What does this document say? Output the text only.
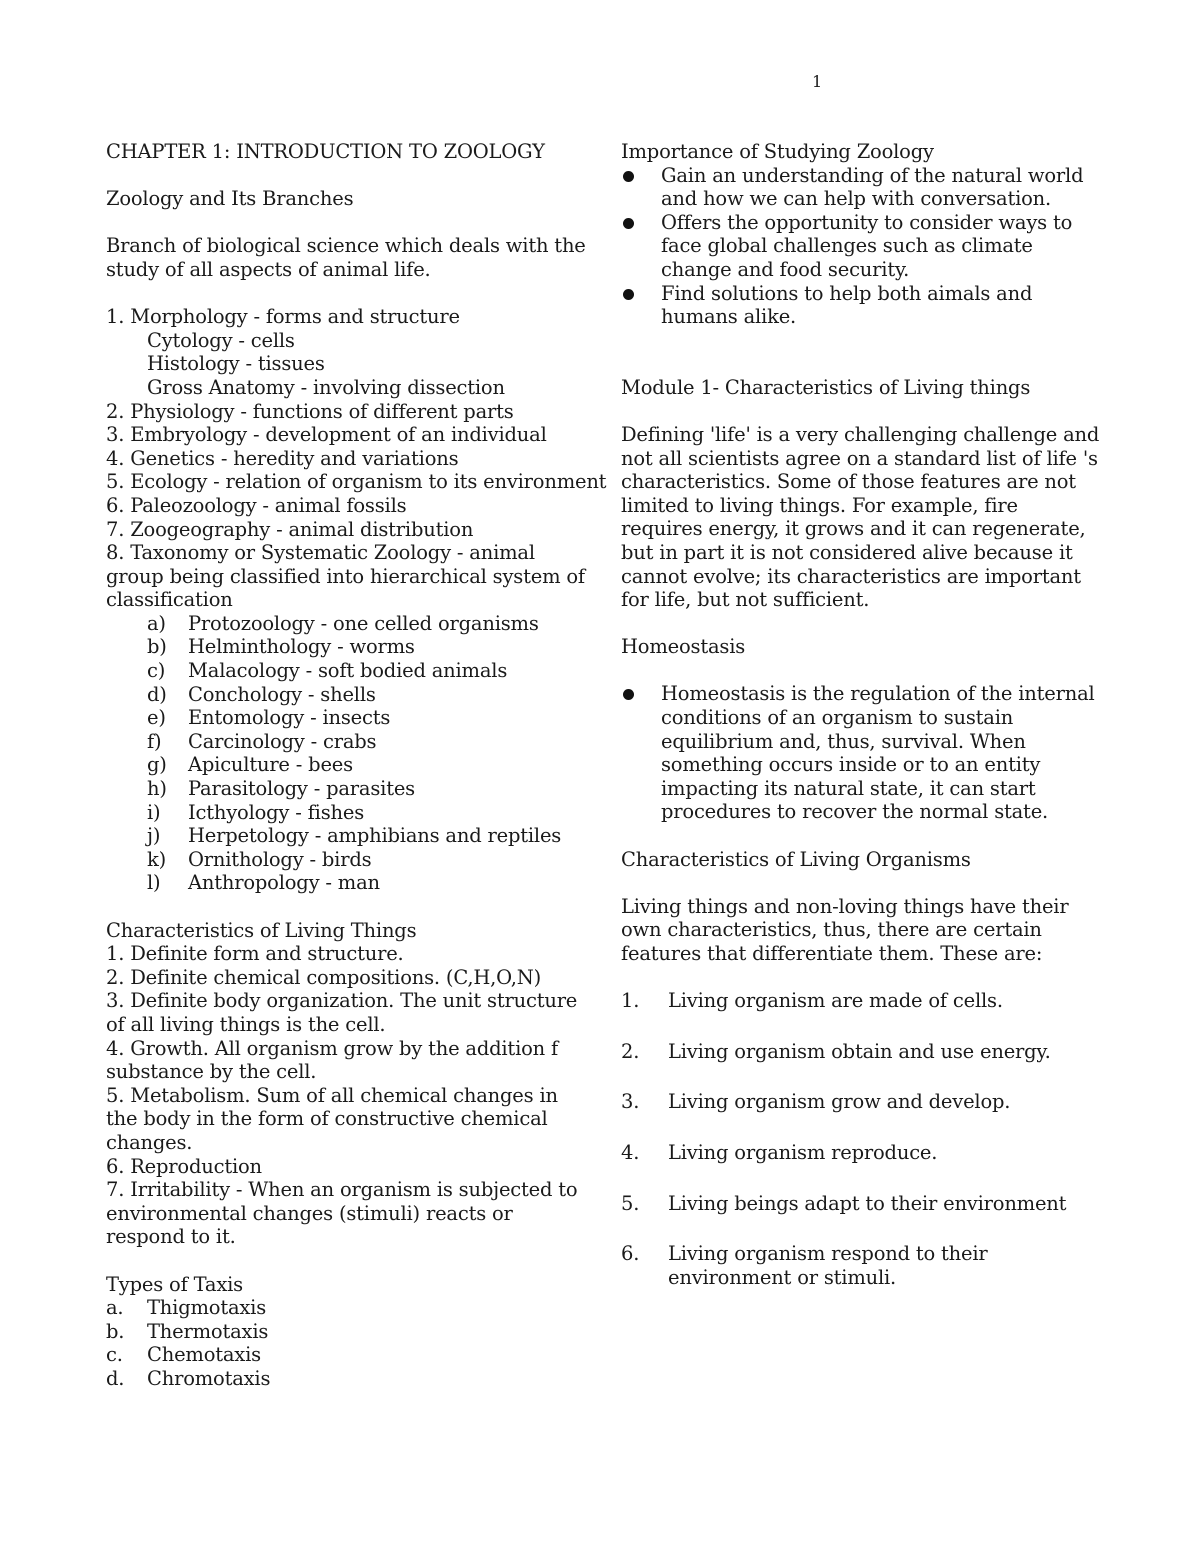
1
CHAPTER 1: INTRODUCTION TO ZOOLOGY
Zoology and Its Branches
Branch of biological science which deals with the study of all aspects of animal life.
1. Morphology - forms and structure
Cytology - cells
Histology - tissues
Gross Anatomy - involving dissection
2. Physiology - functions of different parts
3. Embryology - development of an individual
4. Genetics - heredity and variations
5. Ecology - relation of organism to its environment
6. Paleozoology - animal fossils
7. Zoogeography - animal distribution
8. Taxonomy or Systematic Zoology - animal group being classified into hierarchical system of classification
a)	Protozoology - one celled organisms
b)	Helminthology - worms
c)	Malacology - soft bodied animals
d)	Conchology - shells
e)	Entomology - insects
f)	Carcinology - crabs
g)	Apiculture - bees
h)	Parasitology - parasites
i)	Icthyology - fishes
j)	Herpetology - amphibians and reptiles
k)	Ornithology - birds
l)	Anthropology - man
Characteristics of Living Things
1. Definite form and structure.
2. Definite chemical compositions. (C,H,O,N)
3. Definite body organization. The unit structure of all living things is the cell.
4. Growth. All organism grow by the addition f substance by the cell.
5. Metabolism. Sum of all chemical changes in the body in the form of constructive chemical changes.
6. Reproduction
7. Irritability - When an organism is subjected to environmental changes (stimuli) reacts or respond to it.
Types of Taxis
a.	Thigmotaxis
b.	Thermotaxis
c.	Chemotaxis
d.	Chromotaxis
Importance of Studying Zoology
Gain an understanding of the natural world and how we can help with conversation.
Offers the opportunity to consider ways to face global challenges such as climate change and food security.
Find solutions to help both aimals and humans alike.
Module 1- Characteristics of Living things
Defining 'life' is a very challenging challenge and not all scientists agree on a standard list of life 's characteristics. Some of those features are not limited to living things. For example, fire requires energy, it grows and it can regenerate, but in part it is not considered alive because it cannot evolve; its characteristics are important for life, but not sufficient.
Homeostasis
Homeostasis is the regulation of the internal conditions of an organism to sustain equilibrium and, thus, survival. When something occurs inside or to an entity impacting its natural state, it can start procedures to recover the normal state.
Characteristics of Living Organisms
Living things and non-loving things have their own characteristics, thus, there are certain features that differentiate them. These are:
1.	Living organism are made of cells.
2.	Living organism obtain and use energy.
3.	Living organism grow and develop.
4.	Living organism reproduce.
5.	Living beings adapt to their environment
6.	Living organism respond to their environment or stimuli.
